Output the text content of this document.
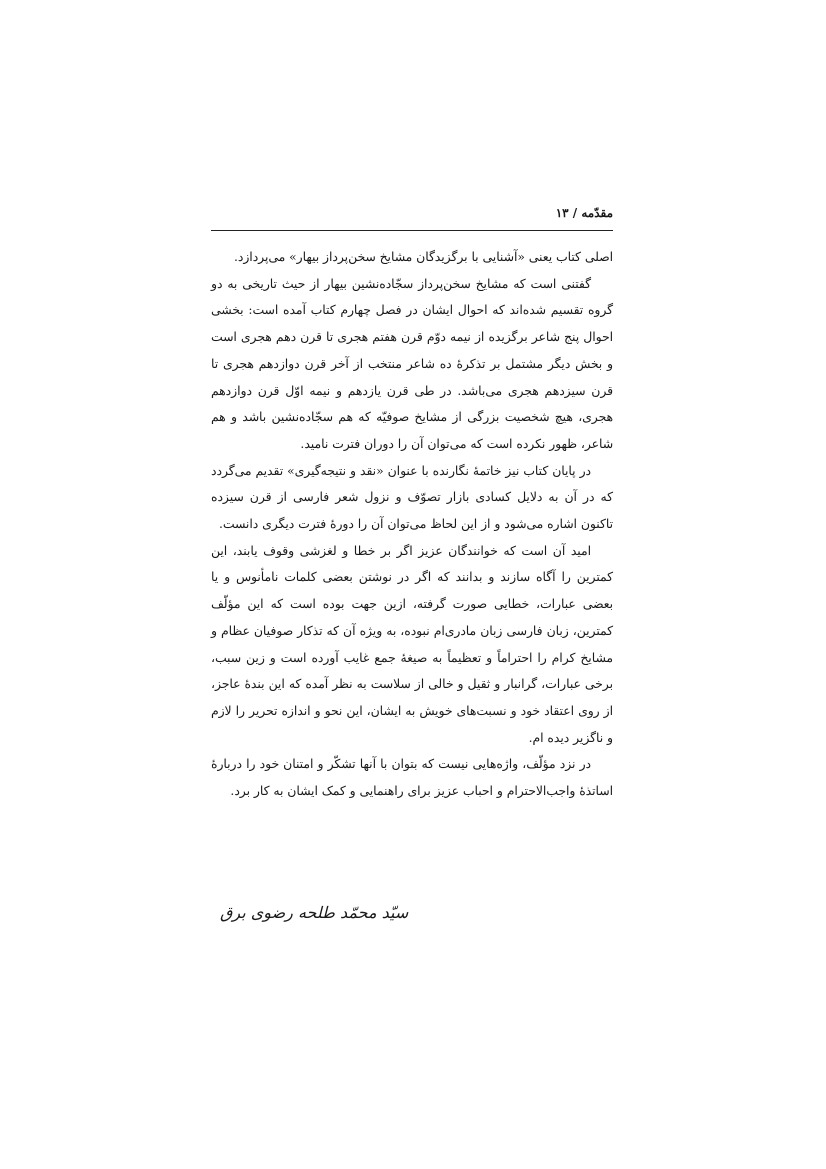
مقدّمه / ۱۳

اصلی کتاب یعنی «آشنایی با برگزیدگان مشایخ سخن‌پرداز بیهار» می‌پردازد.

گفتنی است که مشایخ سخن‌پرداز سجّاده‌نشین بیهار از حیث تاریخی به دو گروه تقسیم شده‌اند که احوال ایشان در فصل چهارم کتاب آمده است: بخشی احوال پنج شاعر برگزیده از نیمه دوّم قرن هفتم هجری تا قرن دهم هجری است و بخش دیگر مشتمل بر تذکرهٔ ده شاعر منتخب از آخر قرن دوازدهم هجری تا قرن سیزدهم هجری می‌باشد. در طی قرن یازدهم و نیمه اوّل قرن دوازدهم هجری، هیچ شخصیت بزرگی از مشایخ صوفیّه که هم سجّاده‌نشین باشد و هم شاعر، ظهور نکرده است که می‌توان آن را دوران فترت نامید.

در پایان کتاب نیز خاتمهٔ نگارنده با عنوان «نقد و نتیجه‌گیری» تقدیم می‌گردد که در آن به دلایل کسادی بازار تصوّف و نزول شعر فارسی از قرن سیزده تاکنون اشاره می‌شود و از این لحاظ می‌توان آن را دورهٔ فترت دیگری دانست.

امید آن است که خوانندگان عزیز اگر بر خطا و لغزشی وقوف یابند، این کمترین را آگاه سازند و بدانند که اگر در نوشتن بعضی کلمات نامأنوس و یا بعضی عبارات، خطایی صورت گرفته، ازین جهت بوده است که این مؤلّف کمترین، زبان فارسی زبان مادری‌ام نبوده، به ویژه آن که تذکار صوفیان عظام و مشایخ کرام را احتراماً و تعظیماً به صیغهٔ جمع غایب آورده است و زین سبب، برخی عبارات، گرانبار و ثقیل و خالی از سلاست به نظر آمده که این بندهٔ عاجز، از روی اعتقاد خود و نسبت‌های خویش به ایشان، این نحو و اندازه تحریر را لازم و ناگزیر دیده ام.

در نزد مؤلّف، واژه‌هایی نیست که بتوان با آنها تشکّر و امتنان خود را دربارهٔ اساتذهٔ واجب‌الاحترام و احباب عزیز برای راهنمایی و کمک ایشان به کار برد.

سیّد محمّد طلحه رضوی برق
